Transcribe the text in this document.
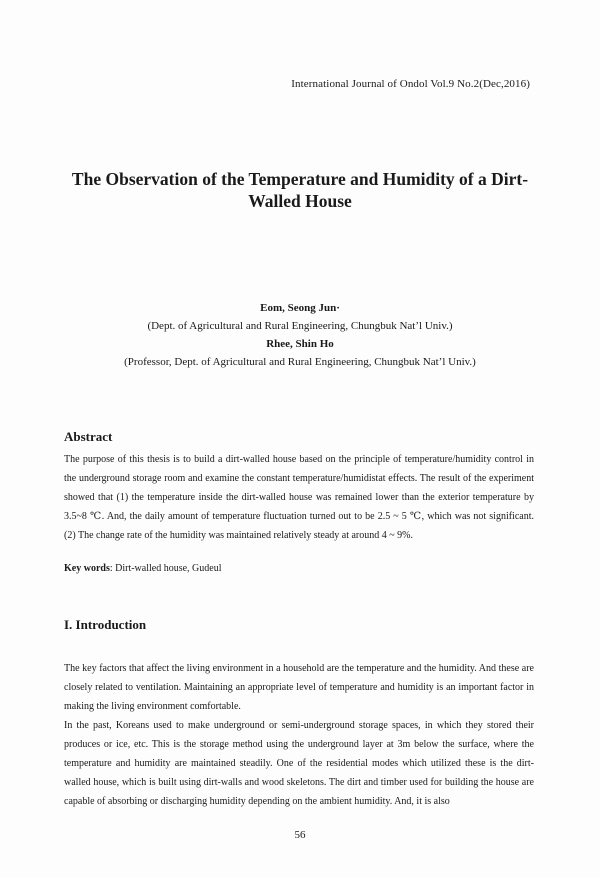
International Journal of Ondol Vol.9 No.2(Dec,2016)
The Observation of the Temperature and Humidity of a Dirt-Walled House
Eom, Seong Jun·
(Dept. of Agricultural and Rural Engineering, Chungbuk Nat’l Univ.)
Rhee, Shin Ho
(Professor, Dept. of Agricultural and Rural Engineering, Chungbuk Nat’l Univ.)
Abstract
The purpose of this thesis is to build a dirt-walled house based on the principle of temperature/humidity control in the underground storage room and examine the constant temperature/humidistat effects. The result of the experiment showed that (1) the temperature inside the dirt-walled house was remained lower than the exterior temperature by 3.5~8 ℃. And, the daily amount of temperature fluctuation turned out to be 2.5 ~ 5 ℃, which was not significant. (2) The change rate of the humidity was maintained relatively steady at around 4 ~ 9%.
Key words: Dirt-walled house, Gudeul
I. Introduction
The key factors that affect the living environment in a household are the temperature and the humidity. And these are closely related to ventilation. Maintaining an appropriate level of temperature and humidity is an important factor in making the living environment comfortable.
In the past, Koreans used to make underground or semi-underground storage spaces, in which they stored their produces or ice, etc. This is the storage method using the underground layer at 3m below the surface, where the temperature and humidity are maintained steadily. One of the residential modes which utilized these is the dirt-walled house, which is built using dirt-walls and wood skeletons. The dirt and timber used for building the house are capable of absorbing or discharging humidity depending on the ambient humidity. And, it is also
56
